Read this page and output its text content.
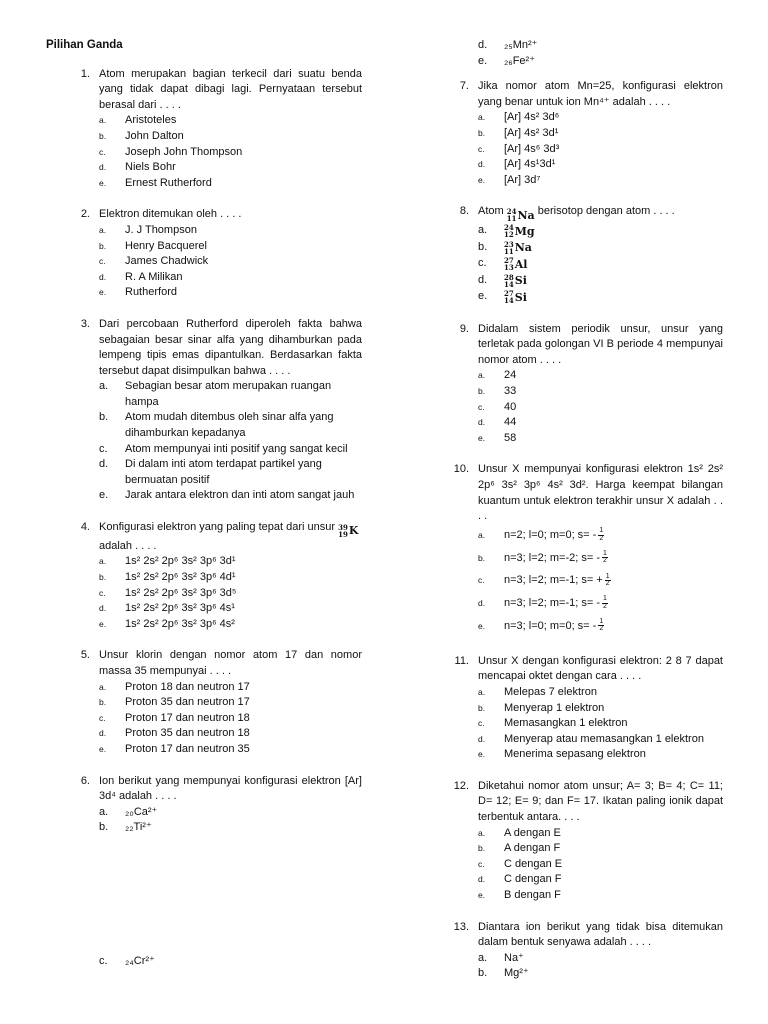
Pilihan Ganda
1. Atom merupakan bagian terkecil dari suatu benda yang tidak dapat dibagi lagi. Pernyataan tersebut berasal dari . . . .
a.	Aristoteles
b.	John Dalton
c.	Joseph John Thompson
d.	Niels Bohr
e.	Ernest Rutherford
2. Elektron ditemukan oleh . . . .
a.	J. J Thompson
b.	Henry Bacquerel
c.	James Chadwick
d.	R. A Milikan
e.	Rutherford
3. Dari percobaan Rutherford diperoleh fakta bahwa sebagaian besar sinar alfa yang dihamburkan pada lempeng tipis emas dipantulkan. Berdasarkan fakta tersebut dapat disimpulkan bahwa . . . .
a.	Sebagian besar atom merupakan ruangan hampa
b.	Atom mudah ditembus oleh sinar alfa yang dihamburkan kepadanya
c.	Atom mempunyai inti positif yang sangat kecil
d.	Di dalam inti atom terdapat partikel yang bermuatan positif
e.	Jarak antara elektron dan inti atom sangat jauh
4. Konfigurasi elektron yang paling tepat dari unsur 39
19 K

adalah . . . .
a.	1s² 2s² 2p⁶ 3s² 3p⁶ 3d¹
b.	1s² 2s² 2p⁶ 3s² 3p⁶ 4d¹
c.	1s² 2s² 2p⁶ 3s² 3p⁶ 3d⁵
d.	1s² 2s² 2p⁶ 3s² 3p⁶ 4s¹
e.	1s² 2s² 2p⁶ 3s² 3p⁶ 4s²
5. Unsur klorin dengan nomor atom 17 dan nomor massa 35 mempunyai . . . .
a.	Proton 18 dan neutron 17
b.	Proton 35 dan neutron 17
c.	Proton 17 dan neutron 18
d.	Proton 35 dan neutron 18
e.	Proton 17 dan neutron 35
6. Ion berikut yang mempunyai konfigurasi elektron [Ar] 3d⁴ adalah . . . .
a.	₂₀Ca²⁺
b.	₂₂Ti²⁺
c.	₂₄Cr²⁺
d.	₂₅Mn²⁺
e.	₂₆Fe²⁺
7. Jika nomor atom Mn=25, konfigurasi elektron yang benar untuk ion Mn⁴⁺ adalah . . . .
a.	[Ar] 4s² 3d⁶
b.	[Ar] 4s² 3d¹
c.	[Ar] 4s⁶ 3d³
d.	[Ar] 4s¹3d¹
e.	[Ar] 3d⁷
8. Atom 24
11 Na berisotop dengan atom . . . .
a.	24
12 Mg
b.	23
11 Na
c.	27
13 Al
d.	28
14 Si
e.	27
14 Si
9. Didalam sistem periodik unsur, unsur yang terletak pada golongan VI B periode 4 mempunyai nomor atom . . . .
a.	24
b.	33
c.	40
d.	44
e.	58
10. Unsur X mempunyai konfigurasi elektron 1s² 2s² 2p⁶ 3s² 3p⁶ 4s² 3d². Harga keempat bilangan kuantum untuk elektron terakhir unsur X adalah . . . .
a.	n=2; l=0; m=0; $s= - \frac{1}{2}$
b.	n=3; l=2; m=-2; $s= - \frac{1}{2}$
c.	n=3; l=2; m=-1; $s= + \frac{1}{2}$
d.	n=3; l=2; m=-1; $s= - \frac{1}{2}$
e.	n=3; l=0; m=0; $s= - \frac{1}{2}$
11. Unsur X dengan konfigurasi elektron: 2 8 7 dapat mencapai oktet dengan cara . . . .
a.	Melepas 7 elektron
b.	Menyerap 1 elektron
c.	Memasangkan 1 elektron
d.	Menyerap atau memasangkan 1 elektron
e.	Menerima sepasang elektron
12. Diketahui nomor atom unsur; A= 3; B= 4; C= 11; D= 12; E= 9; dan F= 17. Ikatan paling ionik dapat terbentuk antara. . . .
a.	A dengan E
b.	A dengan F
c.	C dengan E
d.	C dengan F
e.	B dengan F
13. Diantara ion berikut yang tidak bisa ditemukan dalam bentuk senyawa adalah . . . .
a.	Na⁺
b.	Mg²⁺
